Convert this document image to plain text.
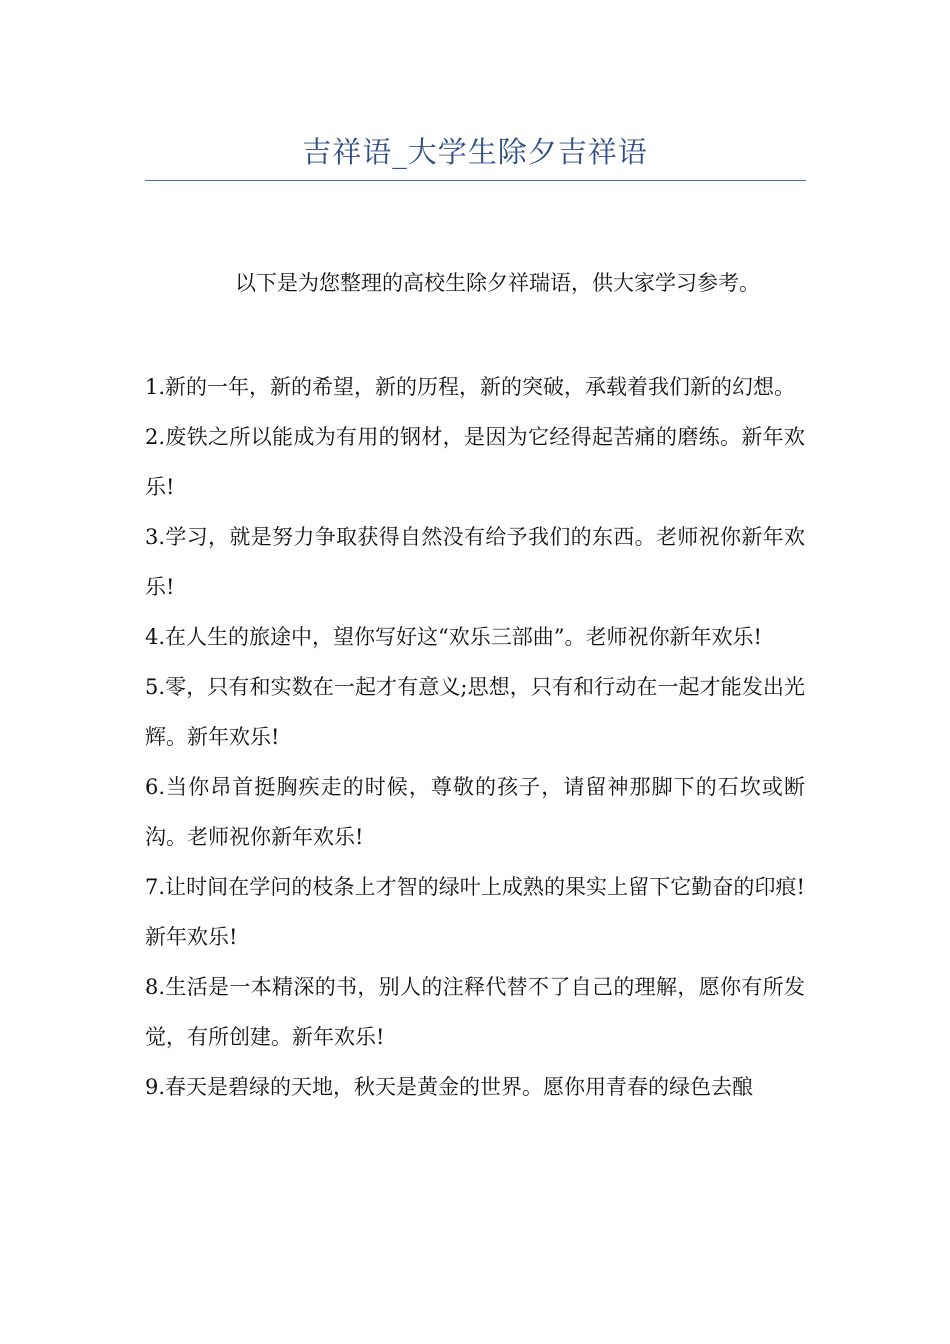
吉祥语_大学生除夕吉祥语
以下是为您整理的高校生除夕祥瑞语，供大家学习参考。

1.新的一年，新的希望，新的历程，新的突破，承载着我们新的幻想。

2.废铁之所以能成为有用的钢材，是因为它经得起苦痛的磨练。新年欢乐!

3.学习，就是努力争取获得自然没有给予我们的东西。老师祝你新年欢乐!

4.在人生的旅途中，望你写好这“欢乐三部曲”。老师祝你新年欢乐!

5.零，只有和实数在一起才有意义;思想，只有和行动在一起才能发出光辉。新年欢乐!

6.当你昂首挺胸疾走的时候，尊敬的孩子，请留神那脚下的石坎或断沟。老师祝你新年欢乐!

7.让时间在学问的枝条上才智的绿叶上成熟的果实上留下它勤奋的印痕!新年欢乐!

8.生活是一本精深的书，别人的注释代替不了自己的理解，愿你有所发觉，有所创建。新年欢乐!

9.春天是碧绿的天地，秋天是黄金的世界。愿你用青春的绿色去酿
